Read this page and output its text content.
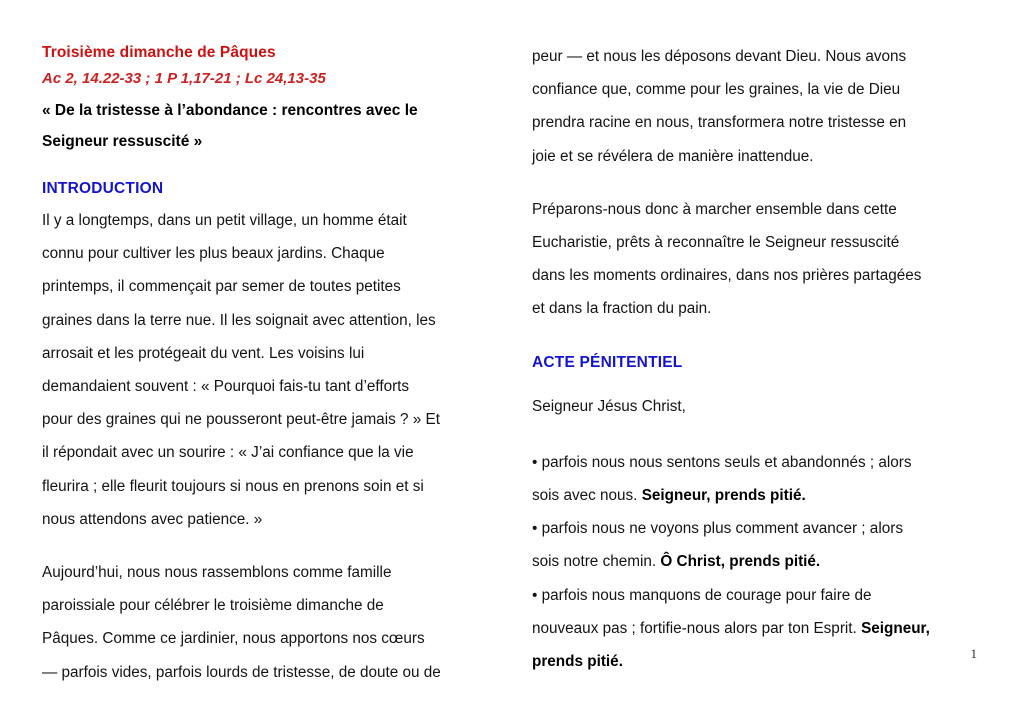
Troisième dimanche de Pâques
Ac 2, 14.22-33 ; 1 P 1,17-21 ; Lc 24,13-35
« De la tristesse à l’abondance : rencontres avec le
Seigneur ressuscité »
INTRODUCTION

Il y a longtemps, dans un petit village, un homme était
connu pour cultiver les plus beaux jardins. Chaque
printemps, il commençait par semer de toutes petites
graines dans la terre nue. Il les soignait avec attention, les
arrosait et les protégeait du vent. Les voisins lui
demandaient souvent : « Pourquoi fais-tu tant d’efforts
pour des graines qui ne pousseront peut-être jamais ? » Et
il répondait avec un sourire : « J’ai confiance que la vie
fleurira ; elle fleurit toujours si nous en prenons soin et si
nous attendons avec patience. »

Aujourd’hui, nous nous rassemblons comme famille
paroissiale pour célébrer le troisième dimanche de
Pâques. Comme ce jardinier, nous apportons nos cœurs
— parfois vides, parfois lourds de tristesse, de doute ou de

peur — et nous les déposons devant Dieu. Nous avons
confiance que, comme pour les graines, la vie de Dieu
prendra racine en nous, transformera notre tristesse en
joie et se révélera de manière inattendue.

Préparons-nous donc à marcher ensemble dans cette
Eucharistie, prêts à reconnaître le Seigneur ressuscité
dans les moments ordinaires, dans nos prières partagées
et dans la fraction du pain.

ACTE PÉNITENTIEL

Seigneur Jésus Christ,

• parfois nous nous sentons seuls et abandonnés ; alors
sois avec nous. Seigneur, prends pitié.
• parfois nous ne voyons plus comment avancer ; alors
sois notre chemin. Ô Christ, prends pitié.
• parfois nous manquons de courage pour faire de
nouveaux pas ; fortifie-nous alors par ton Esprit. Seigneur,
prends pitié.	1
